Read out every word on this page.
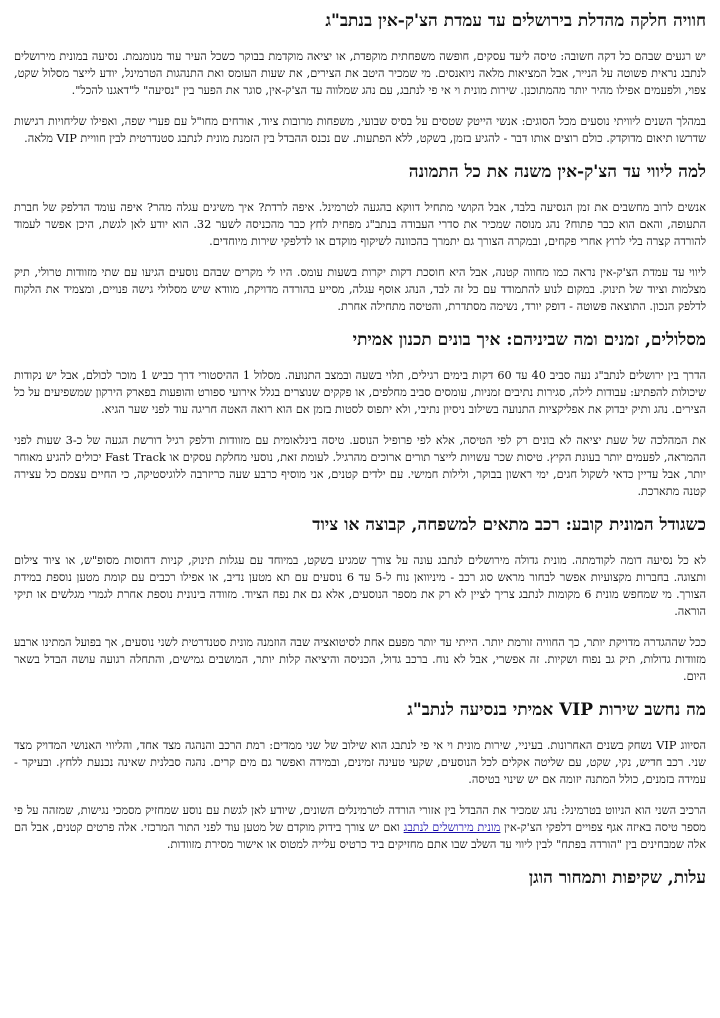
חוויה חלקה מהדלת בירושלים עד עמדת הצ'ק-אין בנתב"ג

יש רגעים שבהם כל דקה חשובה: טיסה ליעד עסקים, חופשה משפחתית מוקפדת, או יציאה מוקדמת בבוקר כשכל העיר עוד מנומנמת. נסיעה במונית מירושלים לנתבג נראית פשוטה על הנייר, אבל המציאות מלאה ניואנסים. מי שמכיר היטב את הצירים, את שעות העומס ואת התנהגות הטרמינל, יודע לייצר מסלול שקט, צפוי, ולפעמים אפילו מהיר יותר מהמתוכנן. שירות מונית וי אי פי לנתבג, עם נהג שמלווה עד הצ'ק-אין, סוגר את הפער בין "נסיעה" ל"דאגנו להכל".

במהלך השנים ליוויתי נוסעים מכל הסוגים: אנשי הייטק שטסים על בסיס שבועי, משפחות מרובות ציוד, אורחים מחו"ל עם פערי שפה, ואפילו שליחויות רגישות שדרשו תיאום מדוקדק. כולם רוצים אותו דבר - להגיע בזמן, בשקט, ללא הפתעות. שם נכנס ההבדל בין הזמנת מונית לנתבג סטנדרטית לבין חוויית VIP מלאה.

למה ליווי עד הצ'ק-אין משנה את כל התמונה

אנשים לרוב מחשבים את זמן הנסיעה בלבד, אבל הקושי מתחיל דווקא בהגעה לטרמינל. איפה לרדת? איך משיגים עגלה מהר? איפה עומד הדלפק של חברת התעופה, והאם הוא כבר פתוח? נהג מנוסה שמכיר את סדרי העבודה בנתב"ג מפחית לחץ כבר מהכניסה לשער 32. הוא יודע לאן לגשת, היכן אפשר לעמוד להורדה קצרה בלי לרוץ אחרי פקחים, ובמקרה הצורך גם יתמרך בהכוונה לשיקוף מוקדם או לדלפקי שירות מיוחדים.

ליווי עד עמדת הצ'ק-אין נראה כמו מחווה קטנה, אבל היא חוסכת דקות יקרות בשעות עומס. היו לי מקרים שבהם נוסעים הגיעו עם שתי מזוודות טרולי, תיק מצלמות וציוד של תינוק. במקום לנוע להתמודד עם כל זה לבד, הנהג אוסף עגלה, מסייע בהורדה מדויקת, מוודא שיש מסלולי גישה פנויים, ומצמיד את הלקוח לדלפק הנכון. התוצאה פשוטה - דופק יורד, נשימה מסתדרת, והטיסה מתחילה אחרת.

מסלולים, זמנים ומה שביניהם: איך בונים תכנון אמיתי

הדרך בין ירושלים לנתב"ג נעה סביב 40 עד 60 דקות בימים רגילים, תלוי בשעה ובמצב התנועה. מסלול 1 ההיסטורי דרך כביש 1 מוכר לכולם, אבל יש נקודות שיכולות להפתיע: עבודות לילה, סגירות נתיבים זמניות, עומסים סביב מחלפים, או פקקים שנוצרים בגלל אירועי ספורט והופעות בפארק הירקון שמשפיעים על כל הצירים. נהג ותיק יבדוק את אפליקציות התנועה בשילוב ניסיון נתיבי, ולא יתפוס לסטות בזמן אם הוא רואה האטה חריגה עוד לפני שער הגיא.

את המהלכה של שעת יציאה לא בונים רק לפי הטיסה, אלא לפי פרופיל הנוסע. טיסה בינלאומית עם מזוודות ודלפק רגיל דורשת הגעה של כ-3 שעות לפני ההמראה, לפעמים יותר בעונת הקיץ. טיסות שכר עשויות לייצר תורים ארוכים מהרגיל. לעומת זאת, נוסעי מחלקת עסקים או Fast Track יכולים להגיע מאוחר יותר, אבל עדיין כדאי לשקול חגים, ימי ראשון בבוקר, ולילות חמישי. עם ילדים קטנים, אני מוסיף כרבע שעה כריזרבה ללוגיסטיקה, כי החיים עצמם כל עצירה קטנה מתארכת.

כשגודל המונית קובע: רכב מתאים למשפחה, קבוצה או ציוד

לא כל נסיעה דומה לקודמתה. מונית גדולה מירושלים לנתבג עונה על צורך שמגיע בשקט, במיוחד עם עגלות תינוק, קניות דחוסות מסופ"ש, או ציוד צילום ותצוגה. בחברות מקצועיות אפשר לבחור מראש סוג רכב - מיניוואן נוח ל-5 עד 6 נוסעים עם תא מטען נדיב, או אפילו רכבים עם קומת מטען נוספת במידת הצורך. מי שמחפש מונית 6 מקומות לנתבג צריך לציין לא רק את מספר הנוסעים, אלא גם את נפח הציוד. מזוודה בינונית נוספת אחרת לגמרי מגלשים או תיקי הוראה.

ככל שההגדרה מדויקת יותר, כך החוויה זורמת יותר. הייתי עד יותר מפעם אחת לסיטואציה שבה הוזמנה מונית סטנדרטית לשני נוסעים, אך בפועל המתינו ארבע מזוודות גדולות, תיק גב נפוח ושקיות. זה אפשרי, אבל לא נוח. ברכב גדול, הכניסה והיציאה קלות יותר, המושבים גמישים, והתחלה רגועה עושה הבדל בשאר היום.

מה נחשב שירות VIP אמיתי בנסיעה לנתב"ג

הסיווג VIP נשחק בשנים האחרונות. בעיניי, שירות מונית וי אי פי לנתבג הוא שילוב של שני ממדים: רמת הרכב והנהגה מצד אחד, והליווי האנושי המדויק מצד שני. רכב חדיש, נקי, שקט, עם שליטה אקלים לכל הנוסעים, שקעי טעינה זמינים, ובמידה ואפשר גם מים קרים. נהגה סבלנית שאינה נכנעת ללחץ. ובעיקר - עמידה בזמנים, כולל המתנה יזומה אם יש שינוי בטיסה.

הרכיב השני הוא הניווט בטרמינל: נהג שמכיר את ההבדל בין אזורי הורדה לטרמינלים השונים, שיודע לאן לגשת עם נוסע שמחזיק מסמכי נגישות, שמזהה על פי מספר טיסה באיזה אגף צפויים דלפקי הצ'ק-אין מונית מירושלים לנתבג ואם יש צורך בידוק מוקדם של מטען עוד לפני התור המרכזי. אלה פרטים קטנים, אבל הם אלה שמבחינים בין "הורדה בפתח" לבין ליווי עד השלב שבו אתם מחזיקים ביד כרטיס עלייה למטוס או אישור מסירת מזוודות.

עלות, שקיפות ותמחור הוגן
